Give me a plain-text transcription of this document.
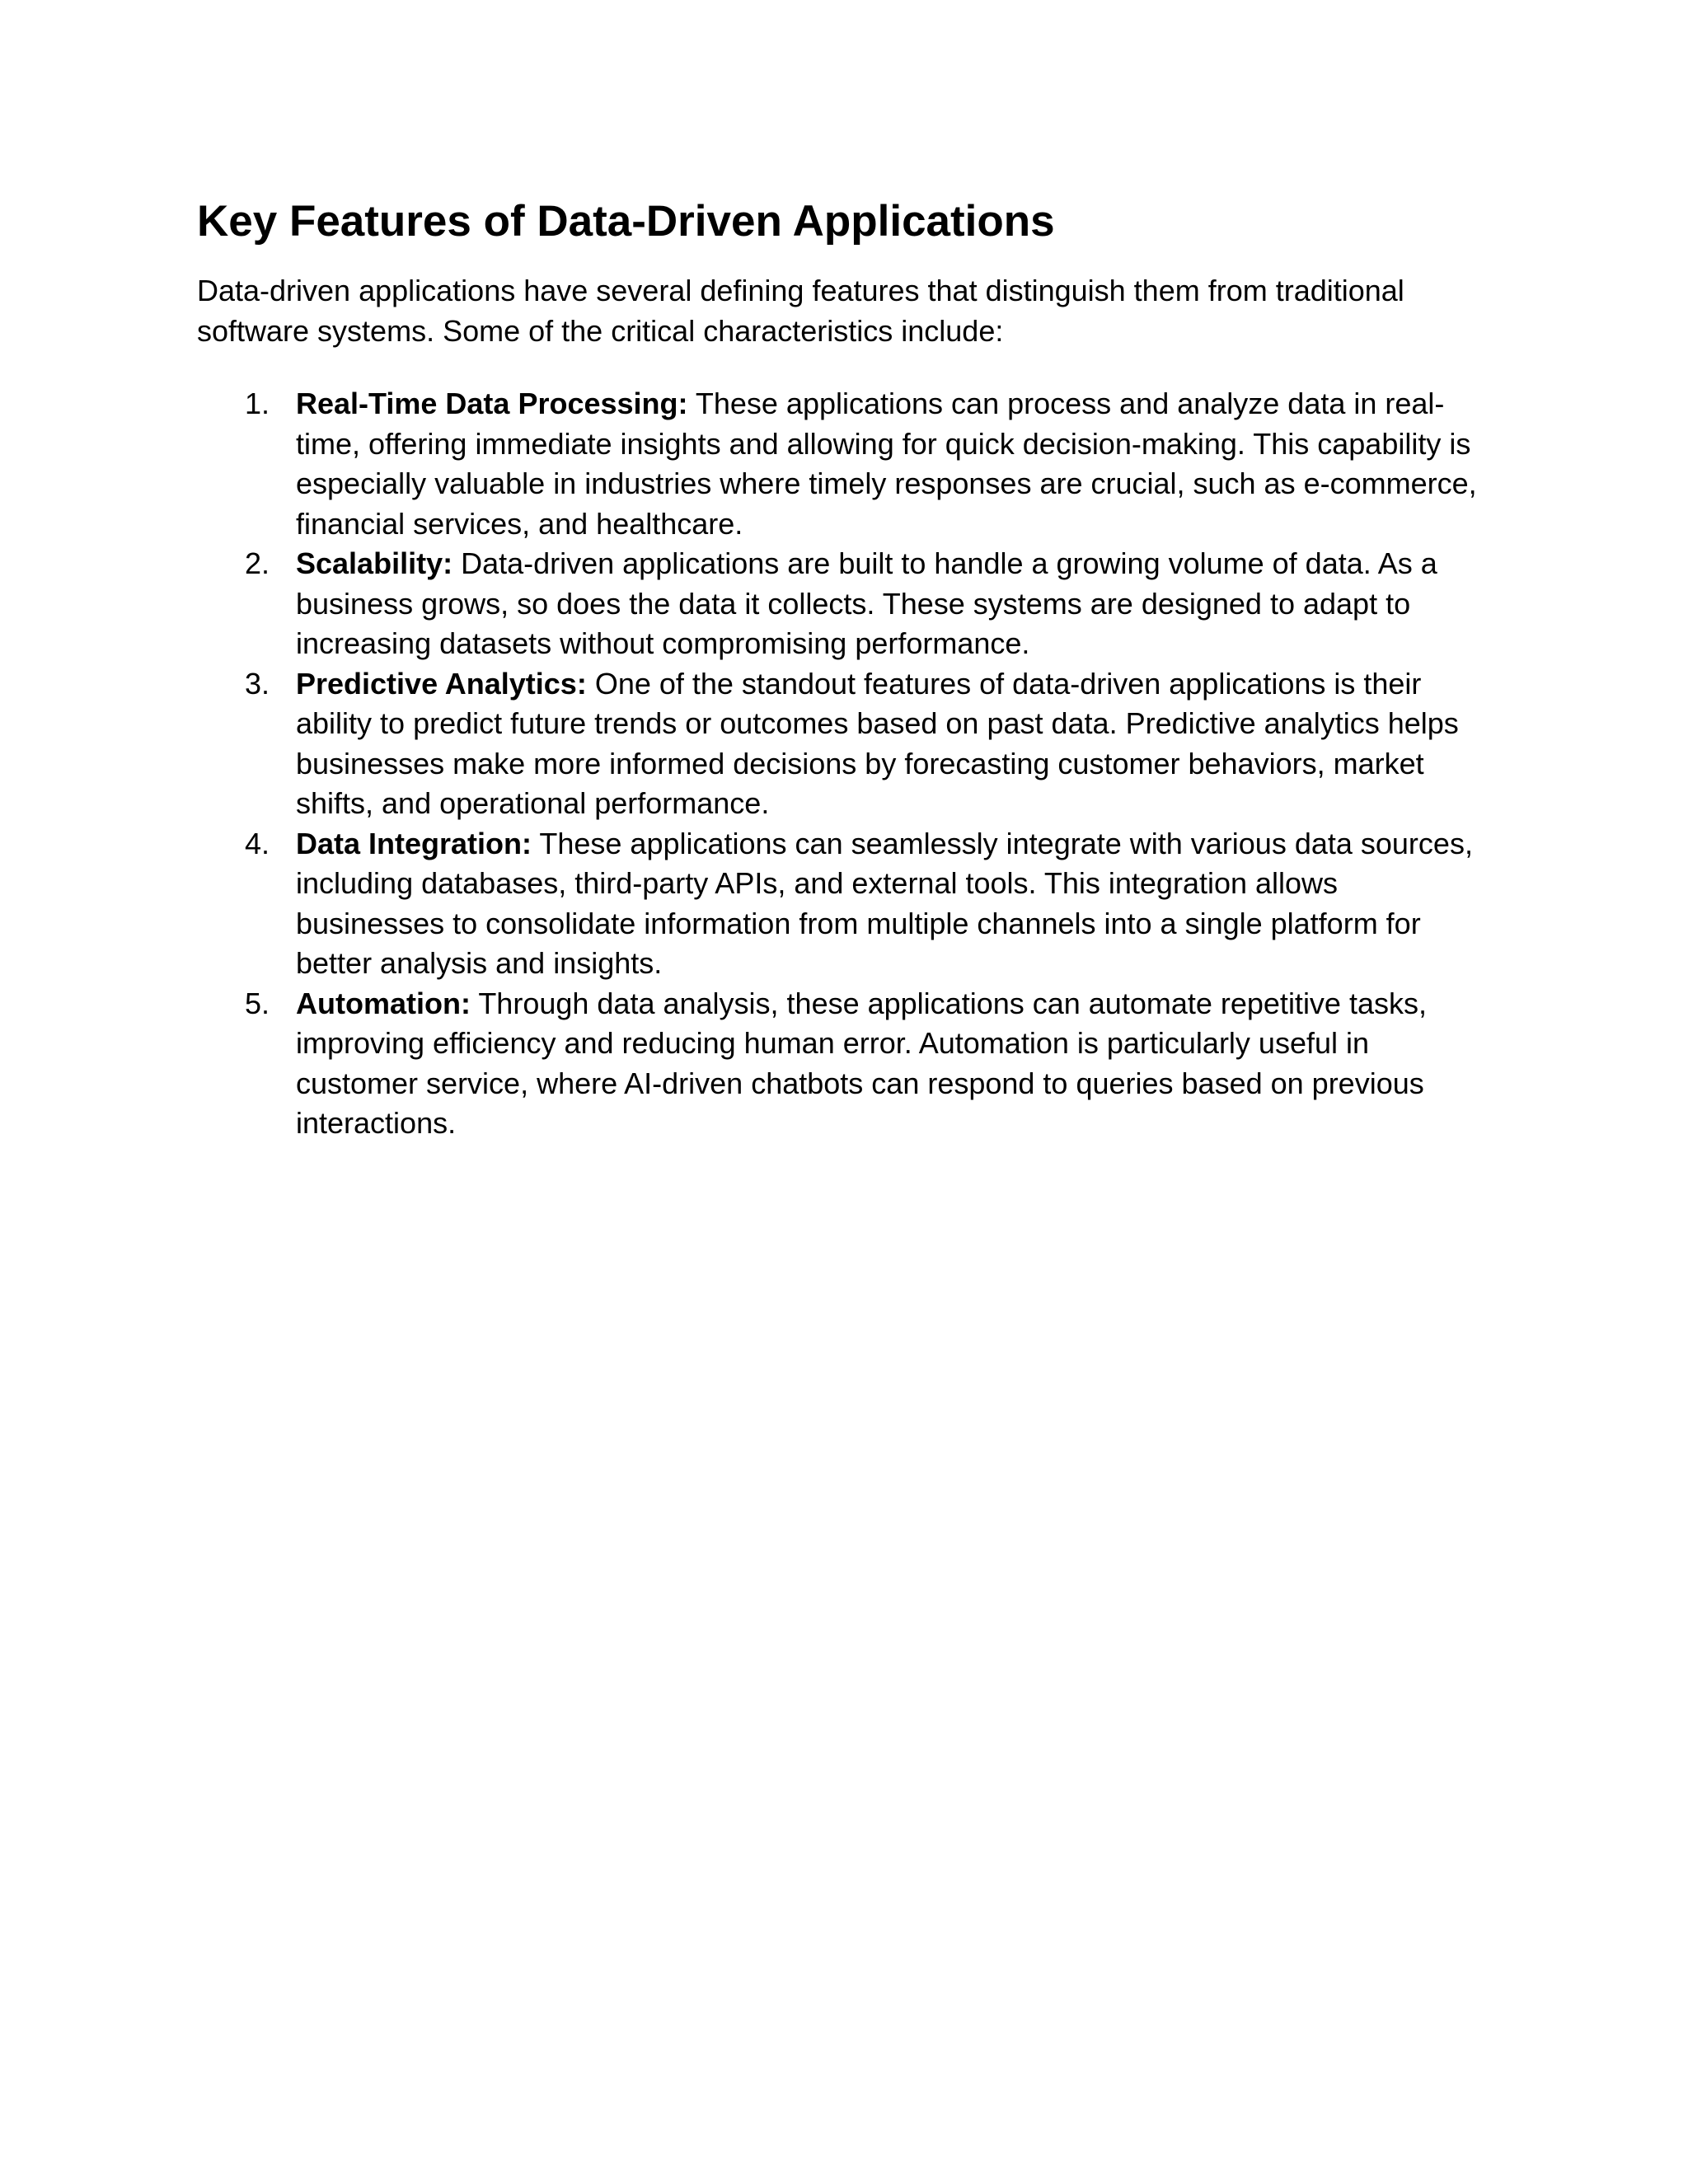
Key Features of Data-Driven Applications

Data-driven applications have several defining features that distinguish them from traditional software systems. Some of the critical characteristics include:

1. Real-Time Data Processing: These applications can process and analyze data in real-time, offering immediate insights and allowing for quick decision-making. This capability is especially valuable in industries where timely responses are crucial, such as e-commerce, financial services, and healthcare.
2. Scalability: Data-driven applications are built to handle a growing volume of data. As a business grows, so does the data it collects. These systems are designed to adapt to increasing datasets without compromising performance.
3. Predictive Analytics: One of the standout features of data-driven applications is their ability to predict future trends or outcomes based on past data. Predictive analytics helps businesses make more informed decisions by forecasting customer behaviors, market shifts, and operational performance.
4. Data Integration: These applications can seamlessly integrate with various data sources, including databases, third-party APIs, and external tools. This integration allows businesses to consolidate information from multiple channels into a single platform for better analysis and insights.
5. Automation: Through data analysis, these applications can automate repetitive tasks, improving efficiency and reducing human error. Automation is particularly useful in customer service, where AI-driven chatbots can respond to queries based on previous interactions.
